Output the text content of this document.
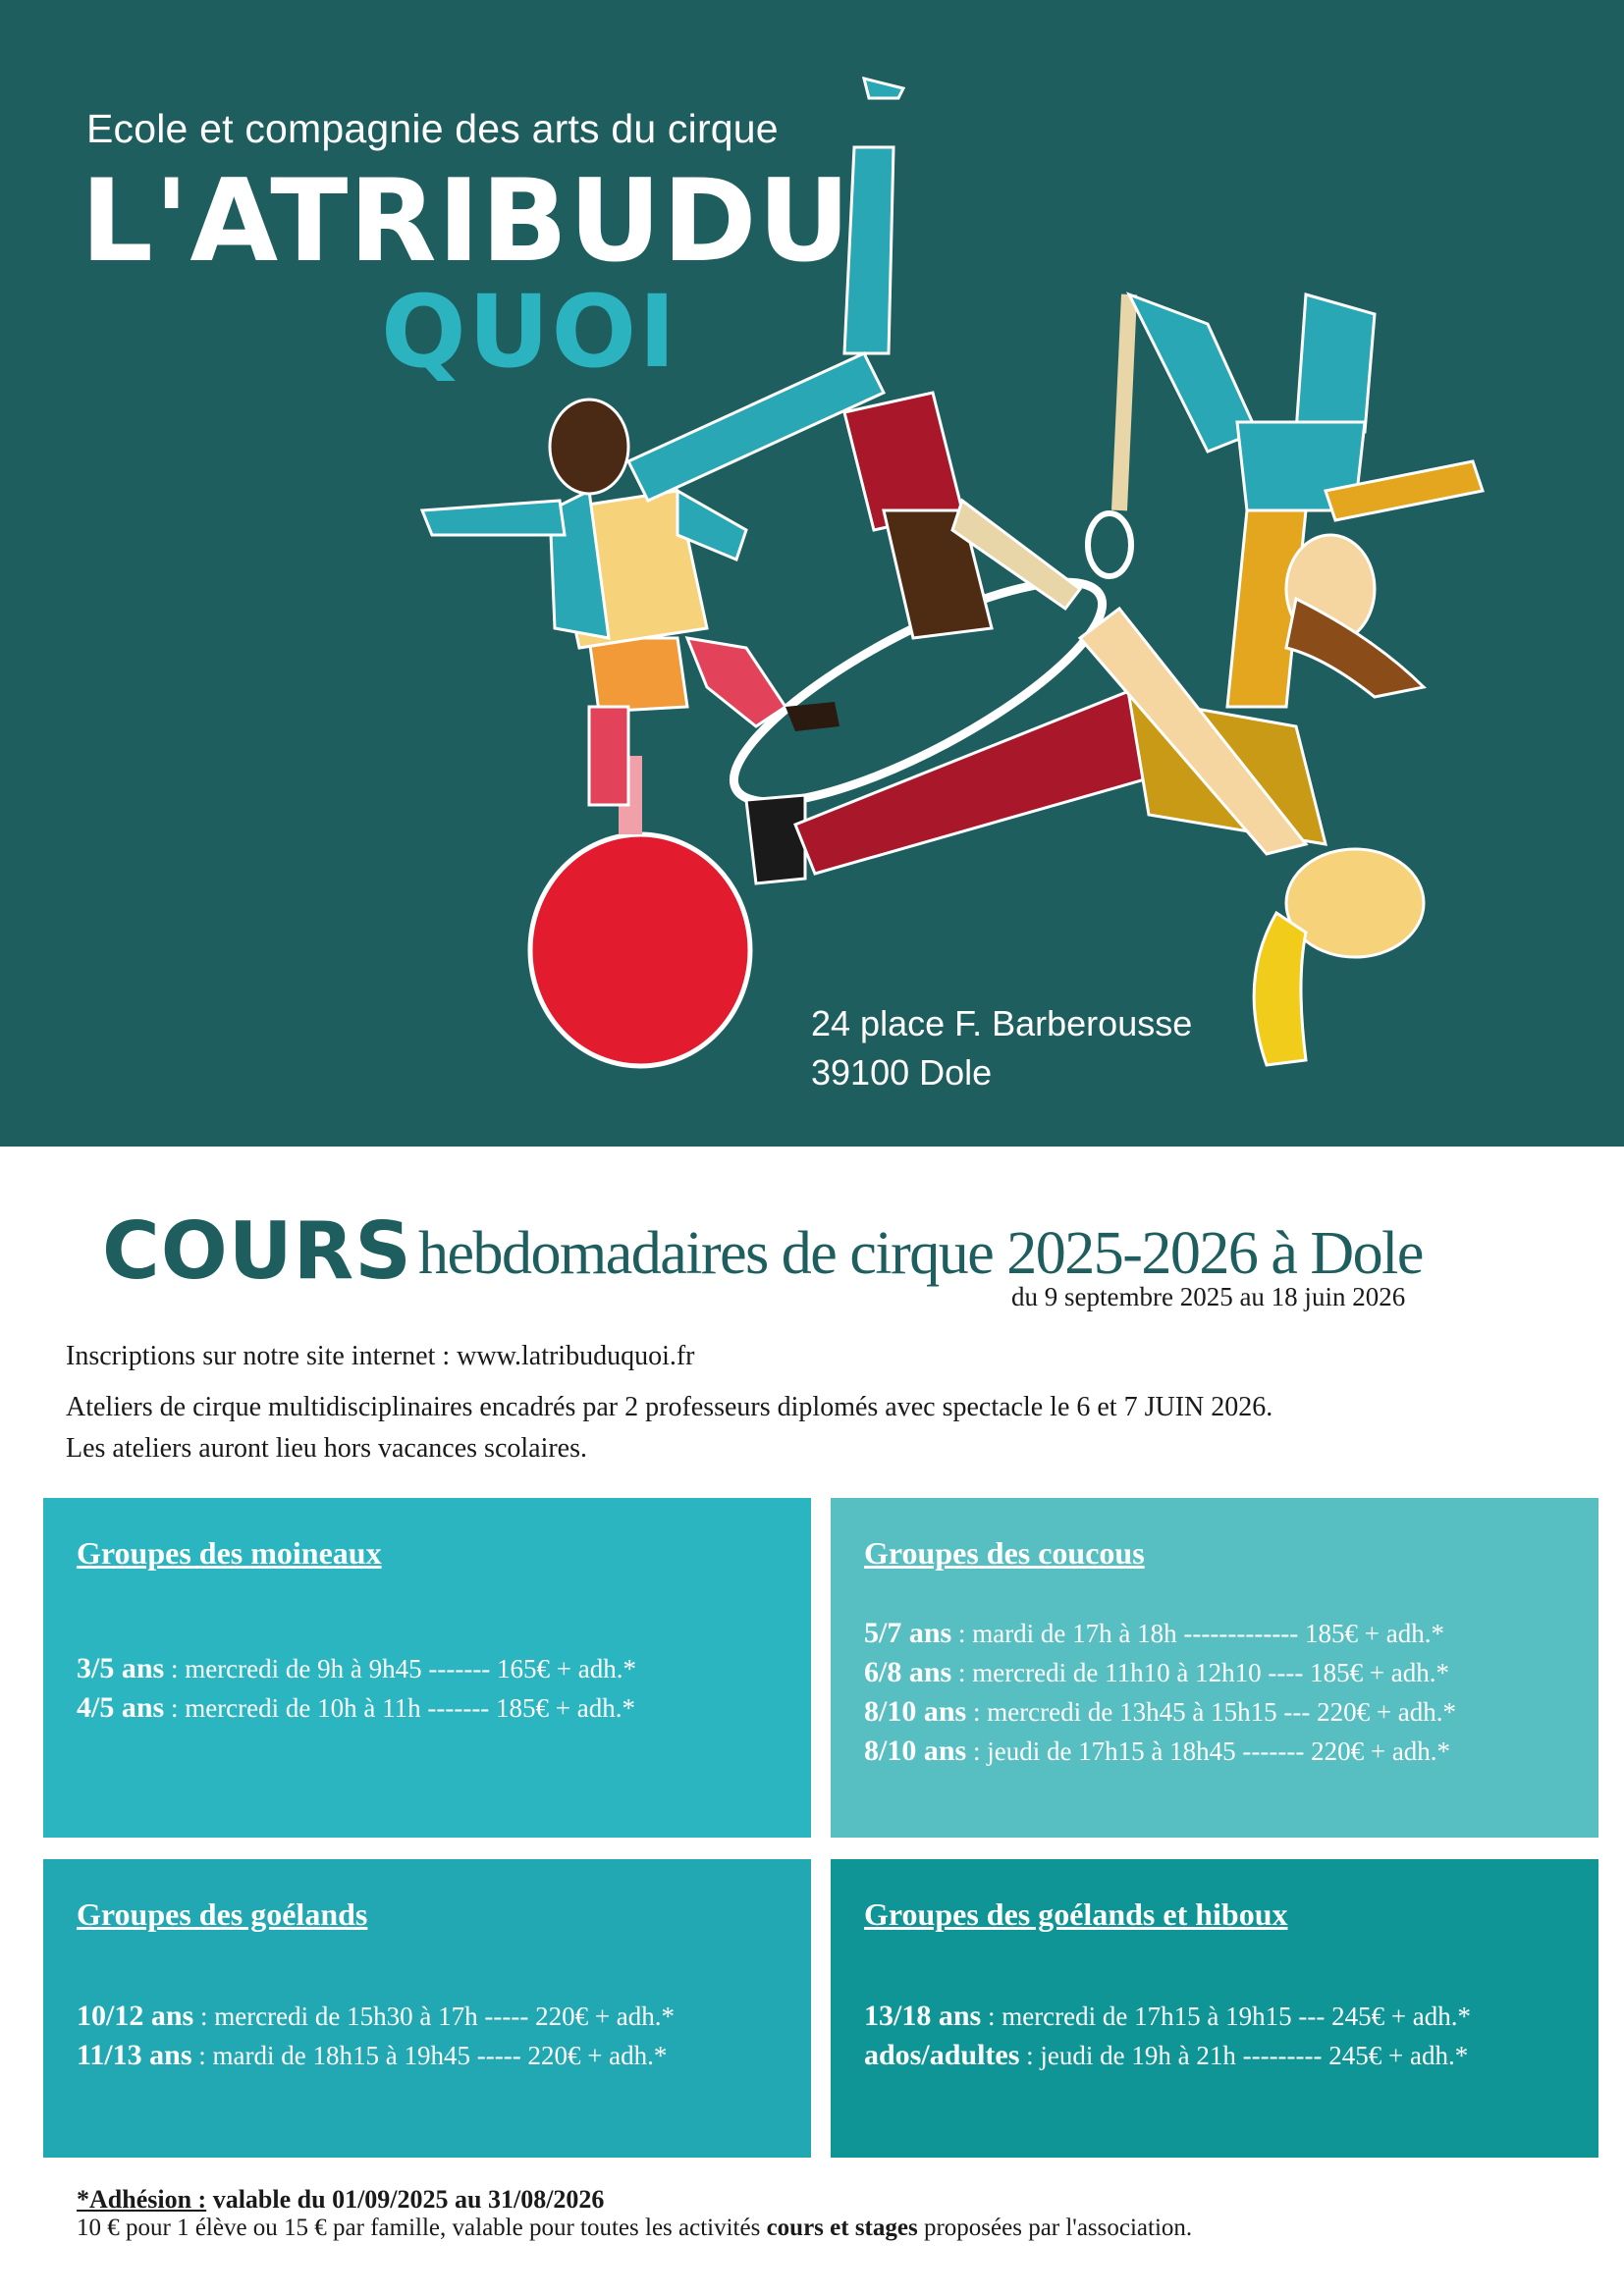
Ecole et compagnie des arts du cirque
L'ATRIBUDU
QUOI
24 place F. Barberousse
39100 Dole
COURS hebdomadaires de cirque 2025-2026 à Dole
du 9 septembre 2025 au 18 juin 2026
Inscriptions sur notre site internet : www.latribuduquoi.fr
Ateliers de cirque multidisciplinaires encadrés par 2 professeurs diplomés avec spectacle le 6 et 7 JUIN 2026.
Les ateliers auront lieu hors vacances scolaires.
Groupes des moineaux
3/5 ans : mercredi de 9h à 9h45 ------- 165€ + adh.*
4/5 ans : mercredi de 10h à 11h ------- 185€ + adh.*
Groupes des coucous
5/7 ans : mardi de 17h à 18h ------------- 185€ + adh.*
6/8 ans : mercredi de 11h10 à 12h10 ---- 185€ + adh.*
8/10 ans : mercredi de 13h45 à 15h15 --- 220€ + adh.*
8/10 ans : jeudi de 17h15 à 18h45 ------- 220€ + adh.*
Groupes des goélands
10/12 ans : mercredi de 15h30 à 17h ----- 220€ + adh.*
11/13 ans : mardi de 18h15 à 19h45 ----- 220€ + adh.*
Groupes des goélands et hiboux
13/18 ans : mercredi de 17h15 à 19h15 --- 245€ + adh.*
ados/adultes : jeudi de 19h à 21h --------- 245€ + adh.*
*Adhésion : valable du 01/09/2025 au 31/08/2026
10 € pour 1 élève ou 15 € par famille, valable pour toutes les activités cours et stages proposées par l'association.
